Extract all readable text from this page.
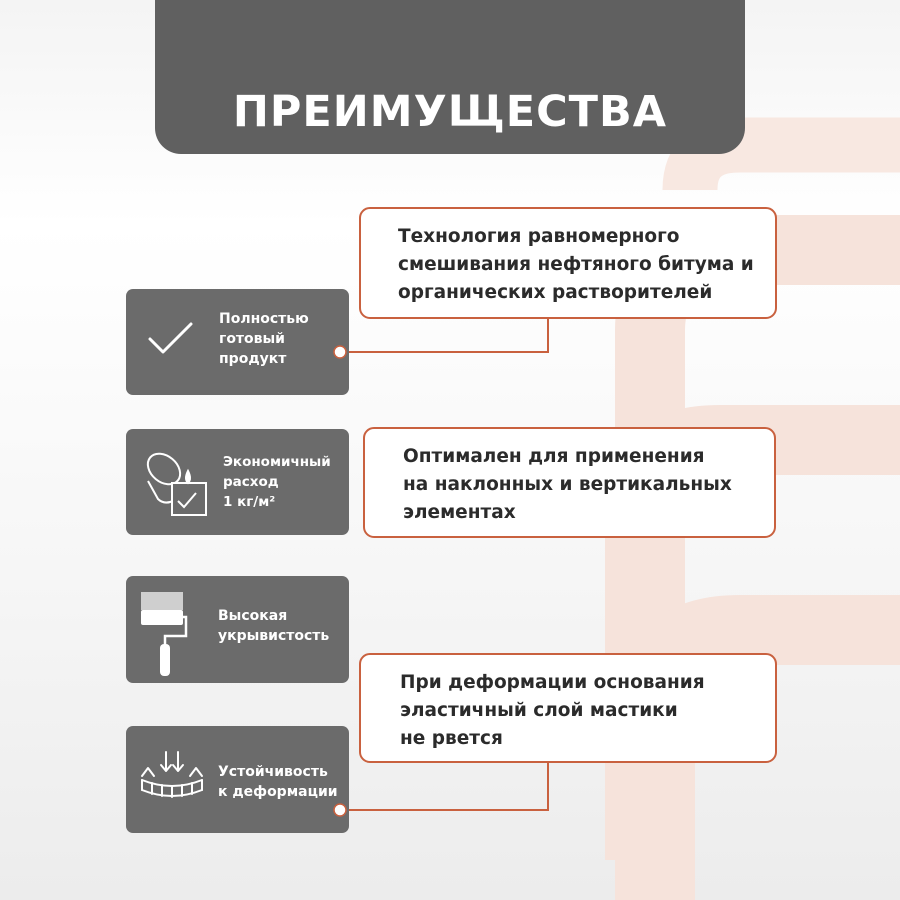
ПРЕИМУЩЕСТВА
Полностью
готовый
продукт
Экономичный
расход
1 кг/м²
Высокая
укрывистость
Устойчивость
к деформации
Технология равномерного
смешивания нефтяного битума и
органических растворителей
Оптимален для применения
на наклонных и вертикальных
элементах
При деформации основания
эластичный слой мастики
не рвется
